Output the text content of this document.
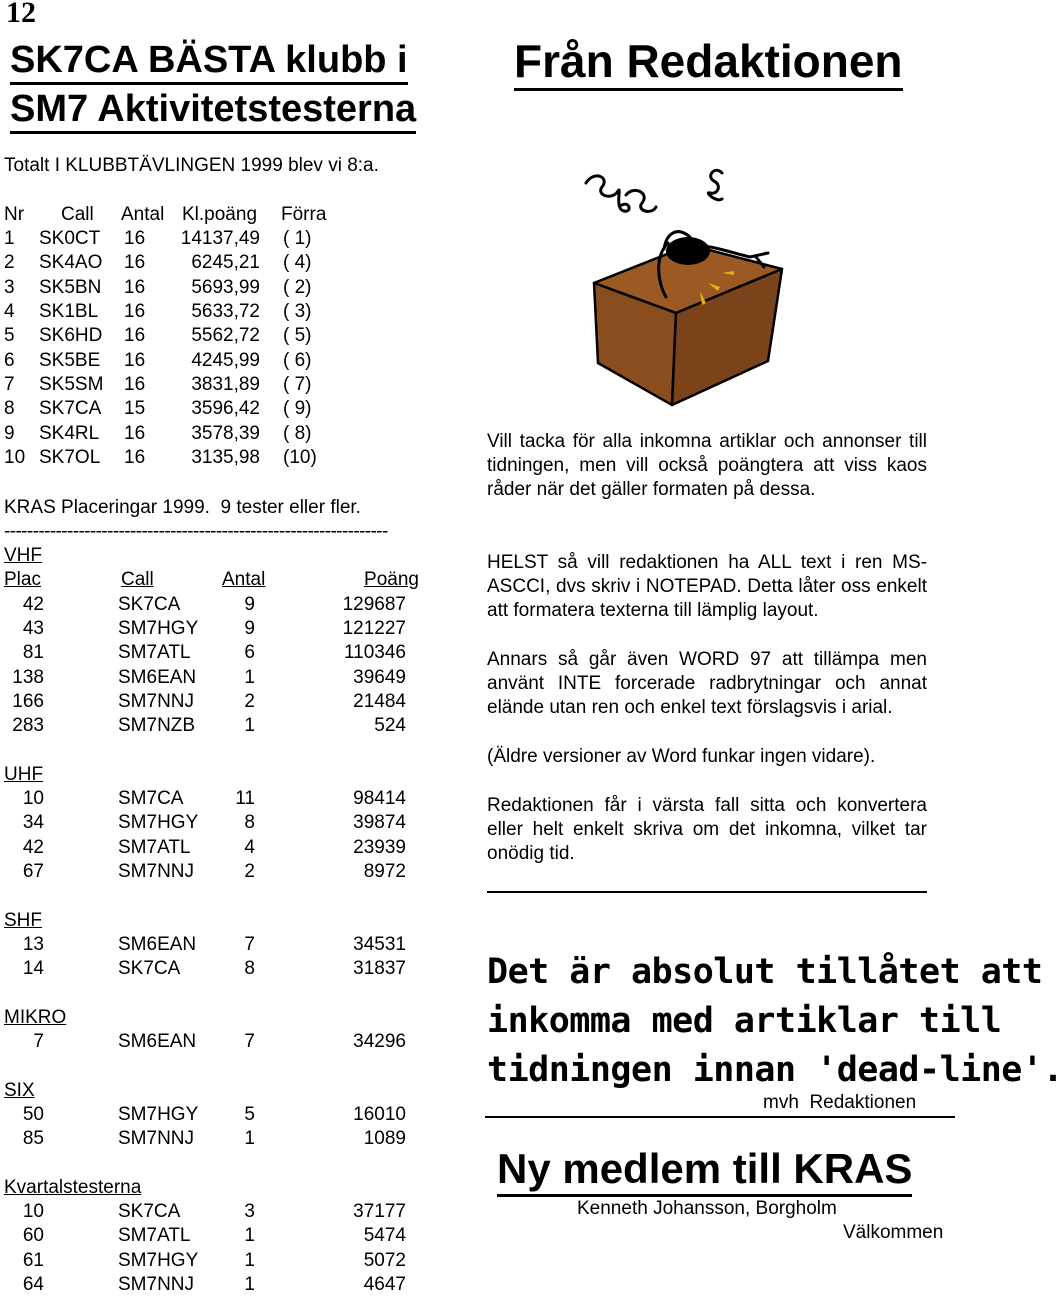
12
SK7CA BÄSTA klubb i
SM7 Aktivitetstesterna
Från Redaktionen
Totalt I KLUBBTÄVLINGEN 1999 blev vi 8:a.
Nr Call Antal Kl.poäng Förra
1 SK0CT 16	14137,49 ( 1)
2 SK4AO 16	6245,21 ( 4)
3 SK5BN 16	5693,99 ( 2)
4 SK1BL 16	5633,72 ( 3)
5 SK6HD 16	5562,72 ( 5)
6 SK5BE 16	4245,99 ( 6)
7 SK5SM 16	3831,89 ( 7)
8 SK7CA 15	3596,42 ( 9)
9 SK4RL 16	3578,39 ( 8)
10 SK7OL 16	3135,98 (10)
KRAS Placeringar 1999.  9 tester eller fler.
-------------------------------------------------------------------
VHF
Plac	Call	Antal	Poäng
42	SK7CA	9	129687
43	SM7HGY	9	121227
81	SM7ATL	6	110346
138	SM6EAN	1	39649
166	SM7NNJ	2	21484
283	SM7NZB	1	524
UHF
10	SM7CA	11	98414
34	SM7HGY	8	39874
42	SM7ATL	4	23939
67	SM7NNJ	2	8972
SHF
13	SM6EAN	7	34531
14	SK7CA	8	31837
MIKRO
7	SM6EAN	7	34296
SIX
50	SM7HGY	5	16010
85	SM7NNJ	1	1089
Kvartalstesterna
10	SK7CA	3	37177
60	SM7ATL	1	5474
61	SM7HGY	1	5072
64	SM7NNJ	1	4647
Vill tacka för alla inkomna artiklar och annonser till tidningen, men vill också poängtera att viss kaos råder när det gäller formaten på dessa.
HELST så vill redaktionen ha ALL text i ren MS-ASCCI, dvs skriv i NOTEPAD. Detta låter oss enkelt att formatera texterna till lämplig layout.
Annars så går även WORD 97 att tillämpa men använt INTE forcerade radbrytningar och annat elände utan ren och enkel text förslagsvis i arial.
(Äldre versioner av Word funkar ingen vidare).
Redaktionen får i värsta fall sitta och konvertera eller helt enkelt skriva om det inkomna, vilket tar onödig tid.
Det är absolut tillåtet att
inkomma med artiklar till
tidningen innan 'dead-line'.
mvh  Redaktionen
Ny medlem till KRAS
Kenneth Johansson, Borgholm
Välkommen
